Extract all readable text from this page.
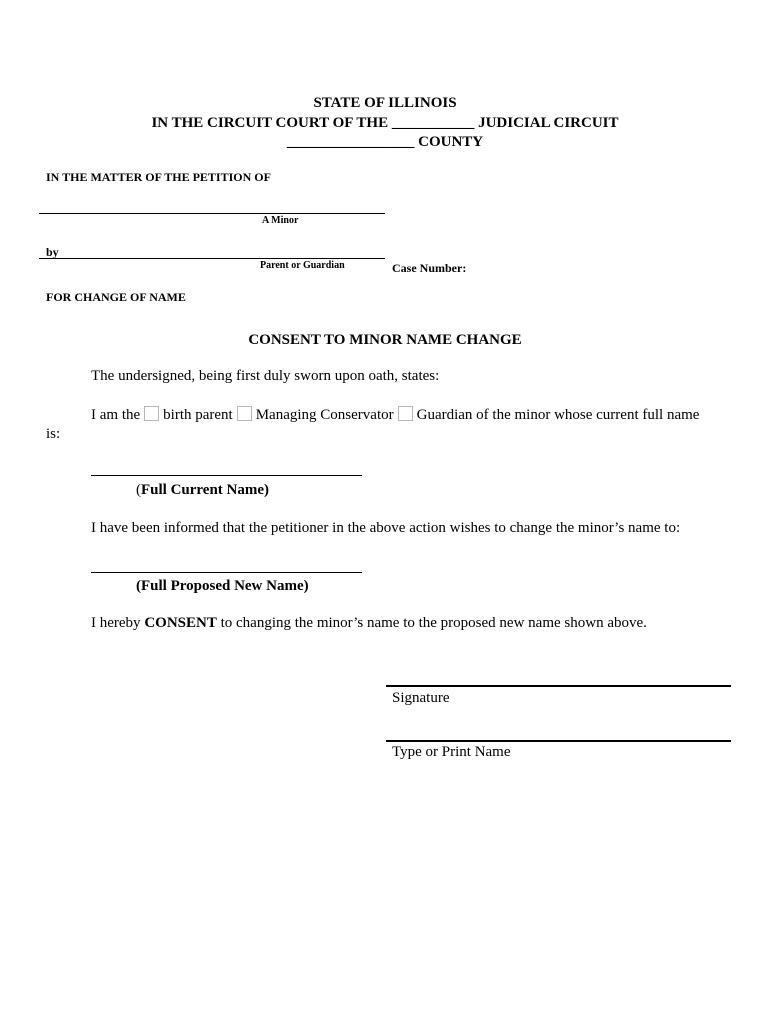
STATE OF ILLINOIS
IN THE CIRCUIT COURT OF THE ___________ JUDICIAL CIRCUIT
_________________ COUNTY
IN THE MATTER OF THE PETITION OF
A Minor
by
Parent or Guardian	Case Number:
FOR CHANGE OF NAME
CONSENT TO MINOR NAME CHANGE
The undersigned, being first duly sworn upon oath, states:
I am the birth parent Managing Conservator Guardian of the minor whose current full name
is:
(Full Current Name)
I have been informed that the petitioner in the above action wishes to change the minor’s name to:
(Full Proposed New Name)
I hereby CONSENT to changing the minor’s name to the proposed new name shown above.
Signature
Type or Print Name
